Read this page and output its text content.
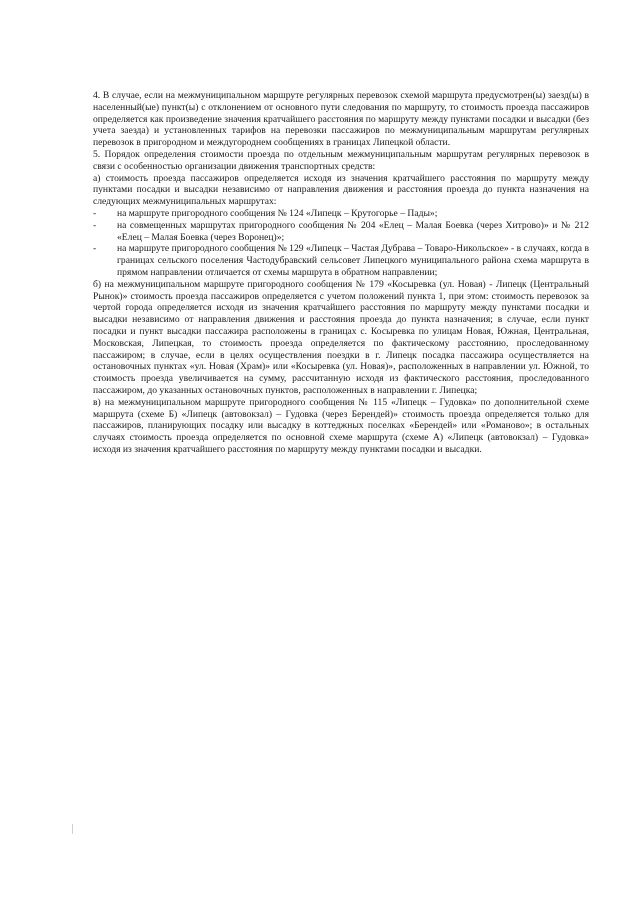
4. В случае, если на межмуниципальном маршруте регулярных перевозок схемой маршрута предусмотрен(ы) заезд(ы) в населенный(ые) пункт(ы) с отклонением от основного пути следования по маршруту, то стоимость проезда пассажиров определяется как произведение значения кратчайшего расстояния по маршруту между пунктами посадки и высадки (без учета заезда) и установленных тарифов на перевозки пассажиров по межмуниципальным маршрутам регулярных перевозок в пригородном и междугороднем сообщениях в границах Липецкой области.

5. Порядок определения стоимости проезда по отдельным межмуниципальным маршрутам регулярных перевозок в связи с особенностью организации движения транспортных средств:

а) стоимость проезда пассажиров определяется исходя из значения кратчайшего расстояния по маршруту между пунктами посадки и высадки независимо от направления движения и расстояния проезда до пункта назначения на следующих межмуниципальных маршрутах:

-	на маршруте пригородного сообщения № 124 «Липецк – Крутогорье – Пады»;
-	на совмещенных маршрутах пригородного сообщения № 204 «Елец – Малая Боевка (через Хитрово)» и № 212 «Елец – Малая Боевка (через Воронец)»;
-	на маршруте пригородного сообщения № 129 «Липецк – Частая Дубрава – Товаро-Никольское» - в случаях, когда в границах сельского поселения Частодубравский сельсовет Липецкого муниципального района схема маршрута в прямом направлении отличается от схемы маршрута в обратном направлении;

б) на межмуниципальном маршруте пригородного сообщения № 179 «Косыревка (ул. Новая) - Липецк (Центральный Рынок)» стоимость проезда пассажиров определяется с учетом положений пункта 1, при этом: стоимость перевозок за чертой города определяется исходя из значения кратчайшего расстояния по маршруту между пунктами посадки и высадки независимо от направления движения и расстояния проезда до пункта назначения; в случае, если пункт посадки и пункт высадки пассажира расположены в границах с. Косыревка по улицам Новая, Южная, Центральная, Московская, Липецкая, то стоимость проезда определяется по фактическому расстоянию, проследованному пассажиром; в случае, если в целях осуществления поездки в г. Липецк посадка пассажира осуществляется на остановочных пунктах «ул. Новая (Храм)» или «Косыревка (ул. Новая)», расположенных в направлении ул. Южной, то стоимость проезда увеличивается на сумму, рассчитанную исходя из фактического расстояния, проследованного пассажиром, до указанных остановочных пунктов, расположенных в направлении г. Липецка;

в) на межмуниципальном маршруте пригородного сообщения № 115 «Липецк – Гудовка» по дополнительной схеме маршрута (схеме Б) «Липецк (автовокзал) – Гудовка (через Берендей)» стоимость проезда определяется только для пассажиров, планирующих посадку или высадку в коттеджных поселках «Берендей» или «Романово»; в остальных случаях стоимость проезда определяется по основной схеме маршрута (схеме А) «Липецк (автовокзал) – Гудовка» исходя из значения кратчайшего расстояния по маршруту между пунктами посадки и высадки.
